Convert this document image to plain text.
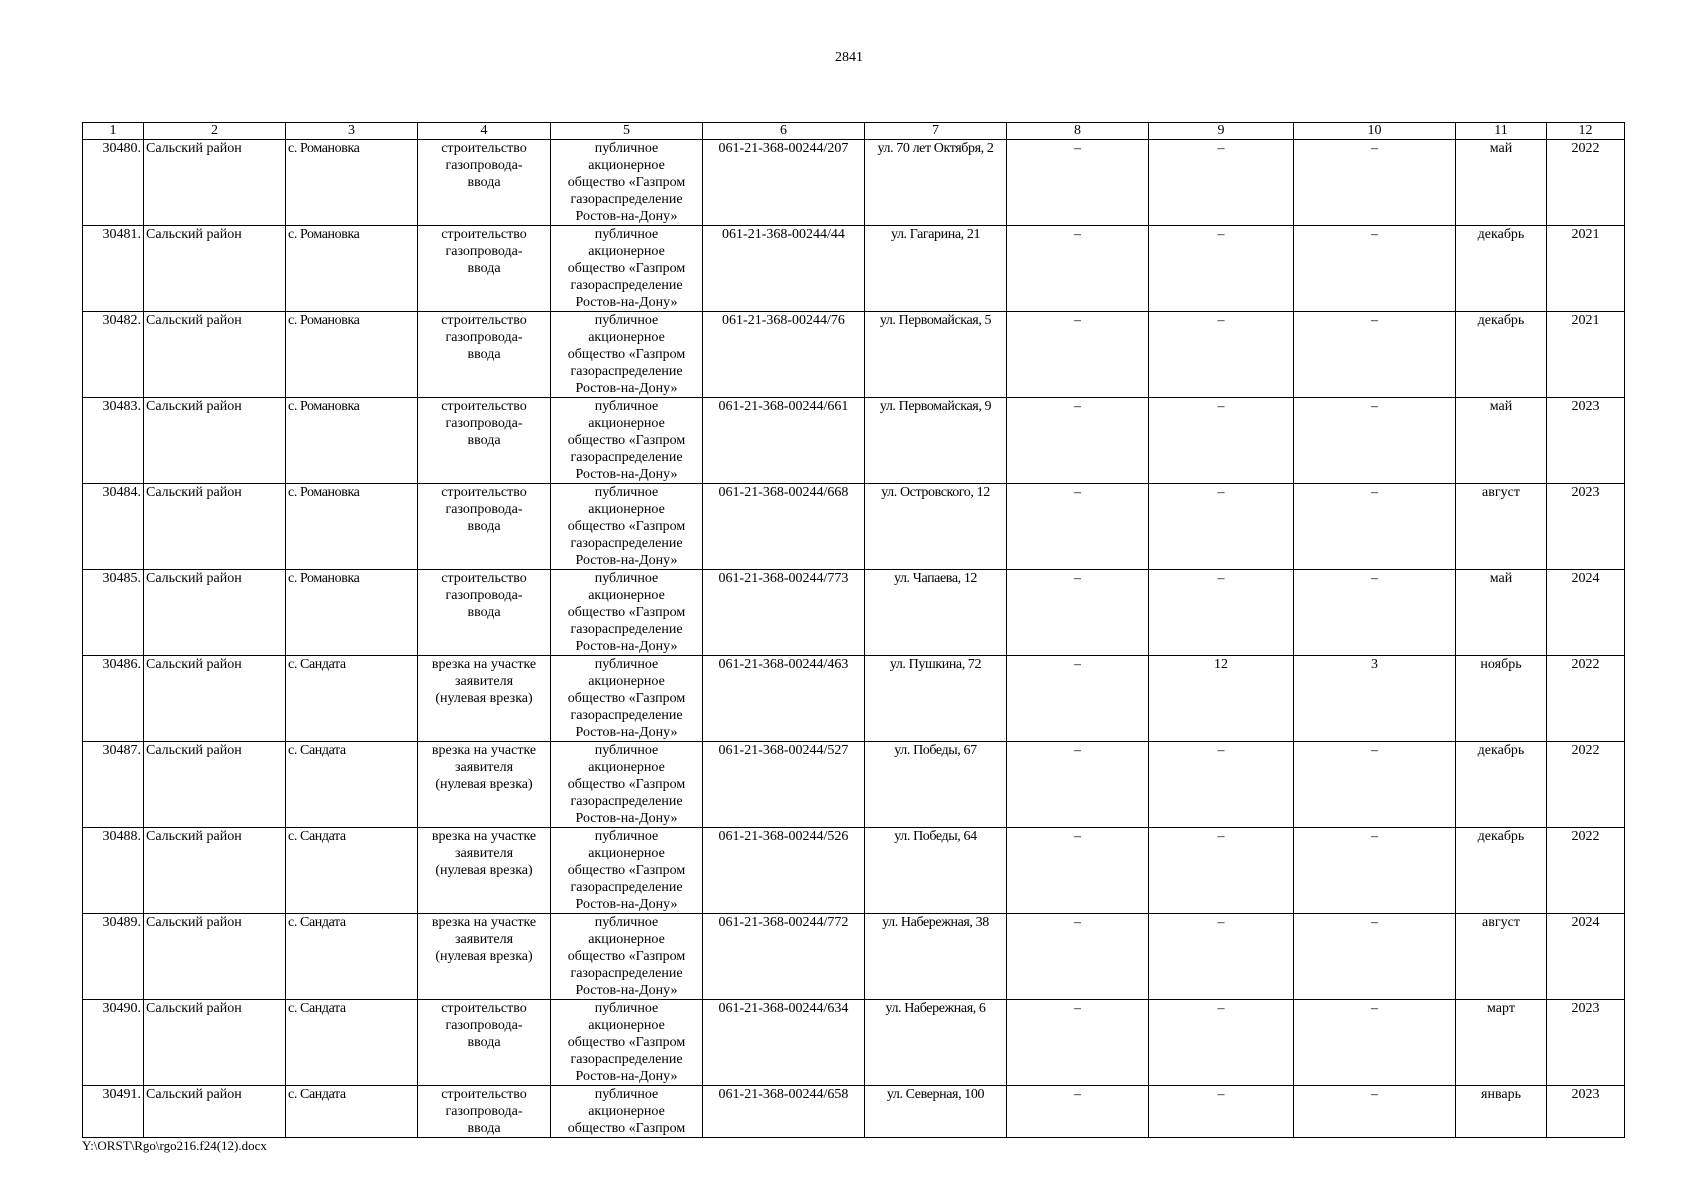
2841
1	2	3	4	5	6	7	8	9	10	11	12
30480.	Сальский район	с. Романовка	строительство
газопровода-
ввода	публичное
акционерное
общество «Газпром
газораспределение
Ростов-на-Дону»	061-21-368-00244/207	ул. 70 лет Октября, 2	–	–	–	май	2022
30481.	Сальский район	с. Романовка	строительство
газопровода-
ввода	публичное
акционерное
общество «Газпром
газораспределение
Ростов-на-Дону»	061-21-368-00244/44	ул. Гагарина, 21	–	–	–	декабрь	2021
30482.	Сальский район	с. Романовка	строительство
газопровода-
ввода	публичное
акционерное
общество «Газпром
газораспределение
Ростов-на-Дону»	061-21-368-00244/76	ул. Первомайская, 5	–	–	–	декабрь	2021
30483.	Сальский район	с. Романовка	строительство
газопровода-
ввода	публичное
акционерное
общество «Газпром
газораспределение
Ростов-на-Дону»	061-21-368-00244/661	ул. Первомайская, 9	–	–	–	май	2023
30484.	Сальский район	с. Романовка	строительство
газопровода-
ввода	публичное
акционерное
общество «Газпром
газораспределение
Ростов-на-Дону»	061-21-368-00244/668	ул. Островского, 12	–	–	–	август	2023
30485.	Сальский район	с. Романовка	строительство
газопровода-
ввода	публичное
акционерное
общество «Газпром
газораспределение
Ростов-на-Дону»	061-21-368-00244/773	ул. Чапаева, 12	–	–	–	май	2024
30486.	Сальский район	с. Сандата	врезка на участке
заявителя
(нулевая врезка)	публичное
акционерное
общество «Газпром
газораспределение
Ростов-на-Дону»	061-21-368-00244/463	ул. Пушкина, 72	–	12	3	ноябрь	2022
30487.	Сальский район	с. Сандата	врезка на участке
заявителя
(нулевая врезка)	публичное
акционерное
общество «Газпром
газораспределение
Ростов-на-Дону»	061-21-368-00244/527	ул. Победы, 67	–	–	–	декабрь	2022
30488.	Сальский район	с. Сандата	врезка на участке
заявителя
(нулевая врезка)	публичное
акционерное
общество «Газпром
газораспределение
Ростов-на-Дону»	061-21-368-00244/526	ул. Победы, 64	–	–	–	декабрь	2022
30489.	Сальский район	с. Сандата	врезка на участке
заявителя
(нулевая врезка)	публичное
акционерное
общество «Газпром
газораспределение
Ростов-на-Дону»	061-21-368-00244/772	ул. Набережная, 38	–	–	–	август	2024
30490.	Сальский район	с. Сандата	строительство
газопровода-
ввода	публичное
акционерное
общество «Газпром
газораспределение
Ростов-на-Дону»	061-21-368-00244/634	ул. Набережная, 6	–	–	–	март	2023
30491.	Сальский район	с. Сандата	строительство
газопровода-
ввода	публичное
акционерное
общество «Газпром	061-21-368-00244/658	ул. Северная, 100	–	–	–	январь	2023
Y:\ORST\Rgo\rgo216.f24(12).docx
